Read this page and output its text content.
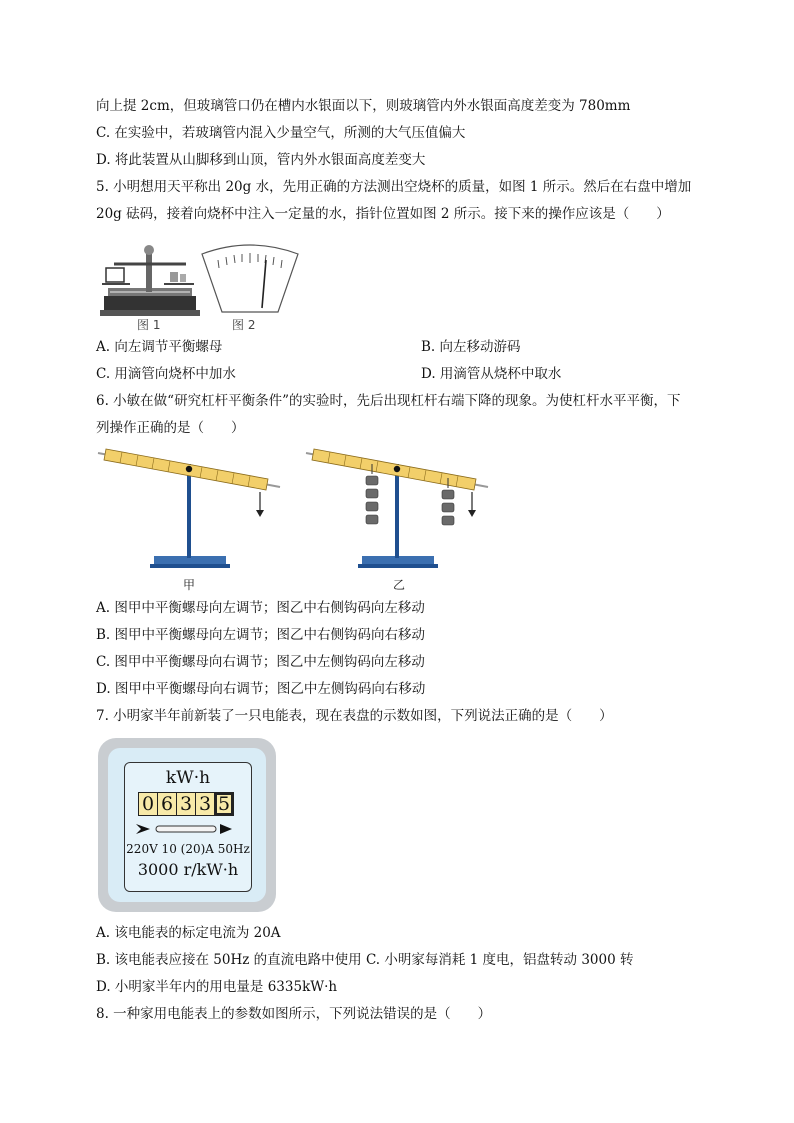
向上提 2cm，但玻璃管口仍在槽内水银面以下，则玻璃管内外水银面高度差变为 780mm
C. 在实验中，若玻璃管内混入少量空气，所测的大气压值偏大
D. 将此装置从山脚移到山顶，管内外水银面高度差变大
5. 小明想用天平称出 20g 水，先用正确的方法测出空烧杯的质量，如图 1 所示。然后在右盘中增加
20g 砝码，接着向烧杯中注入一定量的水，指针位置如图 2 所示。接下来的操作应该是（　　）
图 1	图 2
A. 向左调节平衡螺母	B. 向左移动游码
C. 用滴管向烧杯中加水	D. 用滴管从烧杯中取水
6. 小敏在做“研究杠杆平衡条件”的实验时，先后出现杠杆右端下降的现象。为使杠杆水平平衡，下
列操作正确的是（　　）
甲	乙
A. 图甲中平衡螺母向左调节；图乙中右侧钩码向左移动
B. 图甲中平衡螺母向左调节；图乙中右侧钩码向右移动
C. 图甲中平衡螺母向右调节；图乙中左侧钩码向左移动
D. 图甲中平衡螺母向右调节；图乙中左侧钩码向右移动
7. 小明家半年前新装了一只电能表，现在表盘的示数如图，下列说法正确的是（　　）
kW·h
0 6 3 3 5
220V 10 (20)A 50Hz
3000 r/kW·h
A. 该电能表的标定电流为 20A
B. 该电能表应接在 50Hz 的直流电路中使用 C. 小明家每消耗 1 度电，铝盘转动 3000 转
D. 小明家半年内的用电量是 6335kW·h
8. 一种家用电能表上的参数如图所示，下列说法错误的是（　　）
